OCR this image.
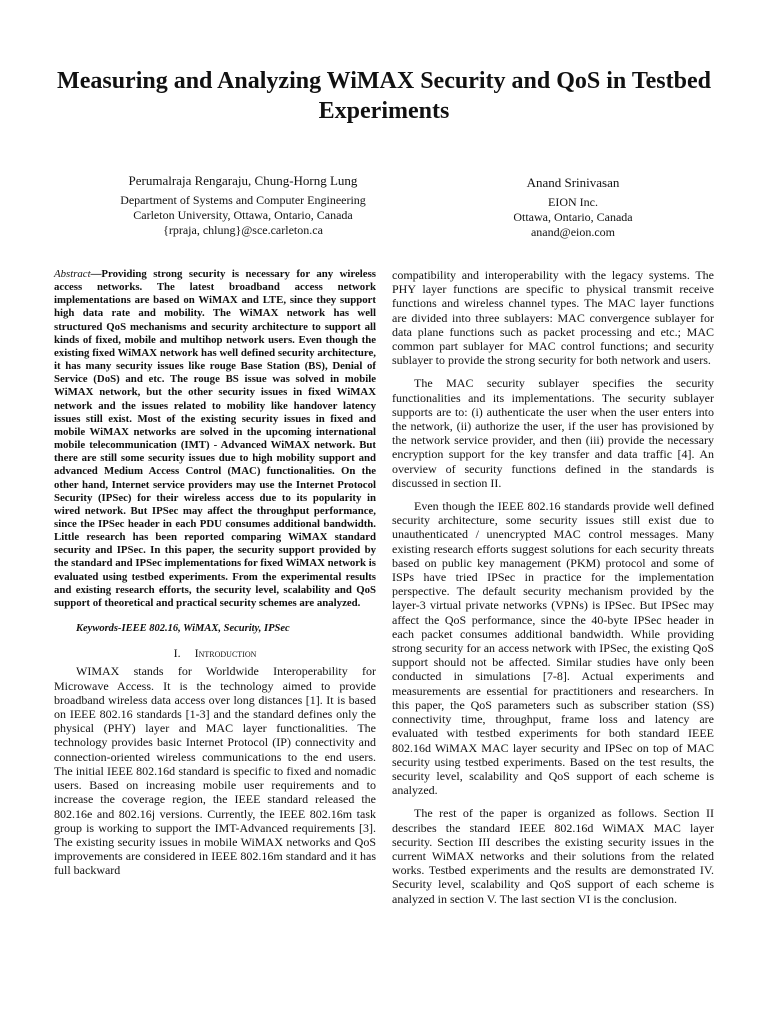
Measuring and Analyzing WiMAX Security and QoS in Testbed Experiments
Perumalraja Rengaraju, Chung-Horng Lung
Department of Systems and Computer Engineering
Carleton University, Ottawa, Ontario, Canada
{rpraja, chlung}@sce.carleton.ca
Anand Srinivasan
EION Inc.
Ottawa, Ontario, Canada
anand@eion.com

Abstract—Providing strong security is necessary for any wireless access networks. The latest broadband access network implementations are based on WiMAX and LTE, since they support high data rate and mobility. The WiMAX network has well structured QoS mechanisms and security architecture to support all kinds of fixed, mobile and multihop network users. Even though the existing fixed WiMAX network has well defined security architecture, it has many security issues like rouge Base Station (BS), Denial of Service (DoS) and etc. The rouge BS issue was solved in mobile WiMAX network, but the other security issues in fixed WiMAX network and the issues related to mobility like handover latency issues still exist. Most of the existing security issues in fixed and mobile WiMAX networks are solved in the upcoming international mobile telecommunication (IMT) - Advanced WiMAX network. But there are still some security issues due to high mobility support and advanced Medium Access Control (MAC) functionalities. On the other hand, Internet service providers may use the Internet Protocol Security (IPSec) for their wireless access due to its popularity in wired network. But IPSec may affect the throughput performance, since the IPSec header in each PDU consumes additional bandwidth. Little research has been reported comparing WiMAX standard security and IPSec. In this paper, the security support provided by the standard and IPSec implementations for fixed WiMAX network is evaluated using testbed experiments. From the experimental results and existing research efforts, the security level, scalability and QoS support of theoretical and practical security schemes are analyzed.

Keywords-IEEE 802.16, WiMAX, Security, IPSec

I. Introduction

WIMAX stands for Worldwide Interoperability for Microwave Access. It is the technology aimed to provide broadband wireless data access over long distances [1]. It is based on IEEE 802.16 standards [1-3] and the standard defines only the physical (PHY) layer and MAC layer functionalities. The technology provides basic Internet Protocol (IP) connectivity and connection-oriented wireless communications to the end users. The initial IEEE 802.16d standard is specific to fixed and nomadic users. Based on increasing mobile user requirements and to increase the coverage region, the IEEE standard released the 802.16e and 802.16j versions. Currently, the IEEE 802.16m task group is working to support the IMT-Advanced requirements [3]. The existing security issues in mobile WiMAX networks and QoS improvements are considered in IEEE 802.16m standard and it has full backward

compatibility and interoperability with the legacy systems. The PHY layer functions are specific to physical transmit receive functions and wireless channel types. The MAC layer functions are divided into three sublayers: MAC convergence sublayer for data plane functions such as packet processing and etc.; MAC common part sublayer for MAC control functions; and security sublayer to provide the strong security for both network and users.

The MAC security sublayer specifies the security functionalities and its implementations. The security sublayer supports are to: (i) authenticate the user when the user enters into the network, (ii) authorize the user, if the user has provisioned by the network service provider, and then (iii) provide the necessary encryption support for the key transfer and data traffic [4]. An overview of security functions defined in the standards is discussed in section II.

Even though the IEEE 802.16 standards provide well defined security architecture, some security issues still exist due to unauthenticated / unencrypted MAC control messages. Many existing research efforts suggest solutions for each security threats based on public key management (PKM) protocol and some of ISPs have tried IPSec in practice for the implementation perspective. The default security mechanism provided by the layer-3 virtual private networks (VPNs) is IPSec. But IPSec may affect the QoS performance, since the 40-byte IPSec header in each packet consumes additional bandwidth. While providing strong security for an access network with IPSec, the existing QoS support should not be affected. Similar studies have only been conducted in simulations [7-8]. Actual experiments and measurements are essential for practitioners and researchers. In this paper, the QoS parameters such as subscriber station (SS) connectivity time, throughput, frame loss and latency are evaluated with testbed experiments for both standard IEEE 802.16d WiMAX MAC layer security and IPSec on top of MAC security using testbed experiments. Based on the test results, the security level, scalability and QoS support of each scheme is analyzed.

The rest of the paper is organized as follows. Section II describes the standard IEEE 802.16d WiMAX MAC layer security. Section III describes the existing security issues in the current WiMAX networks and their solutions from the related works. Testbed experiments and the results are demonstrated IV. Security level, scalability and QoS support of each scheme is analyzed in section V. The last section VI is the conclusion.
